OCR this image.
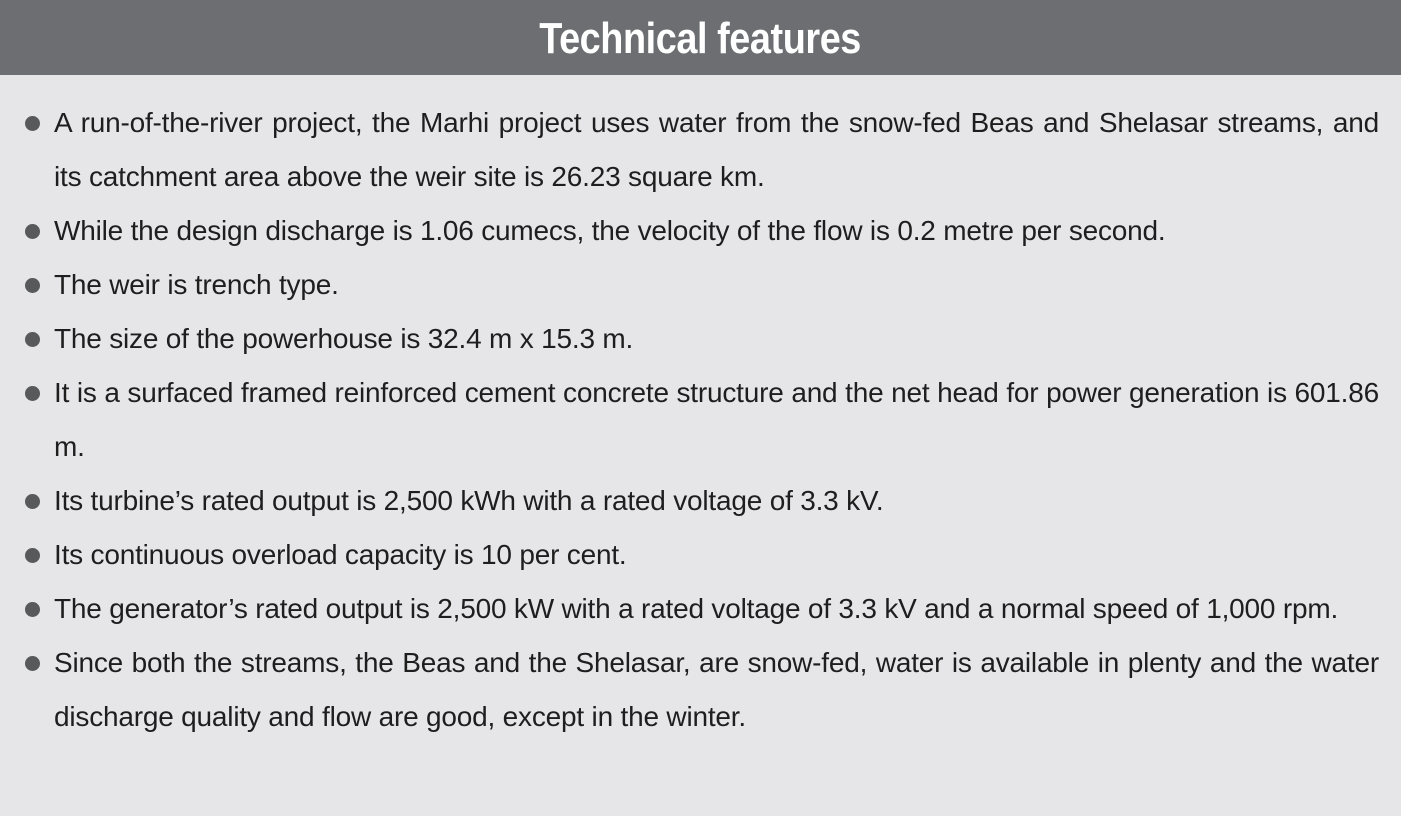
Technical features
A run-of-the-river project, the Marhi project uses water from the snow-fed Beas and Shelasar streams, and its catchment area above the weir site is 26.23 square km.
While the design discharge is 1.06 cumecs, the velocity of the flow is 0.2 metre per second.
The weir is trench type.
The size of the powerhouse is 32.4 m x 15.3 m.
It is a surfaced framed reinforced cement concrete structure and the net head for power generation is 601.86 m.
Its turbine’s rated output is 2,500 kWh with a rated voltage of 3.3 kV.
Its continuous overload capacity is 10 per cent.
The generator’s rated output is 2,500 kW with a rated voltage of 3.3 kV and a normal speed of 1,000 rpm.
Since both the streams, the Beas and the Shelasar, are snow-fed, water is available in plenty and the water discharge quality and flow are good, except in the winter.
